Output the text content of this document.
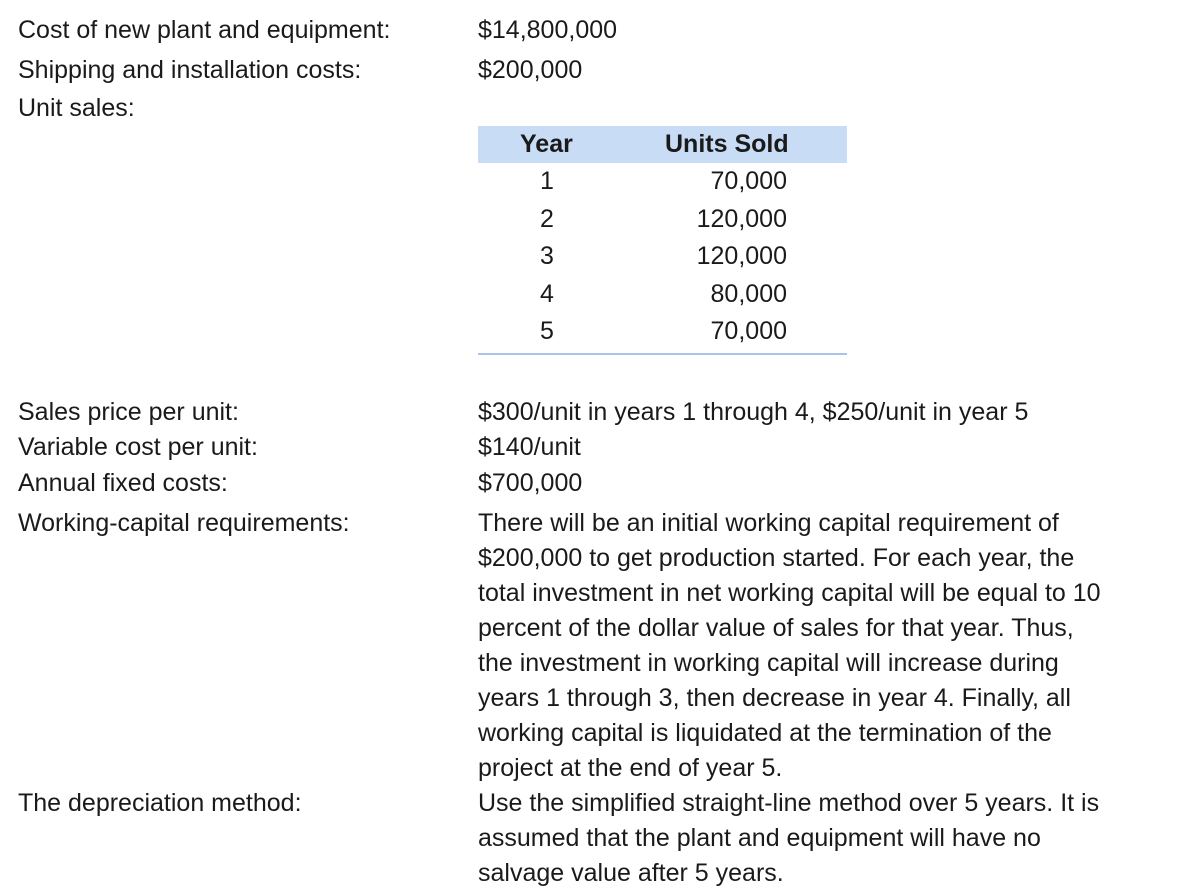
Cost of new plant and equipment:	$14,800,000
Shipping and installation costs:	$200,000
Unit sales:
Year	Units Sold
1	70,000
2	120,000
3	120,000
4	80,000
5	70,000
Sales price per unit:	$300/unit in years 1 through 4, $250/unit in year 5
Variable cost per unit:	$140/unit
Annual fixed costs:	$700,000
Working-capital requirements:	There will be an initial working capital requirement of
$200,000 to get production started. For each year, the
total investment in net working capital will be equal to 10
percent of the dollar value of sales for that year. Thus,
the investment in working capital will increase during
years 1 through 3, then decrease in year 4. Finally, all
working capital is liquidated at the termination of the
project at the end of year 5.
The depreciation method:	Use the simplified straight-line method over 5 years. It is
assumed that the plant and equipment will have no
salvage value after 5 years.
